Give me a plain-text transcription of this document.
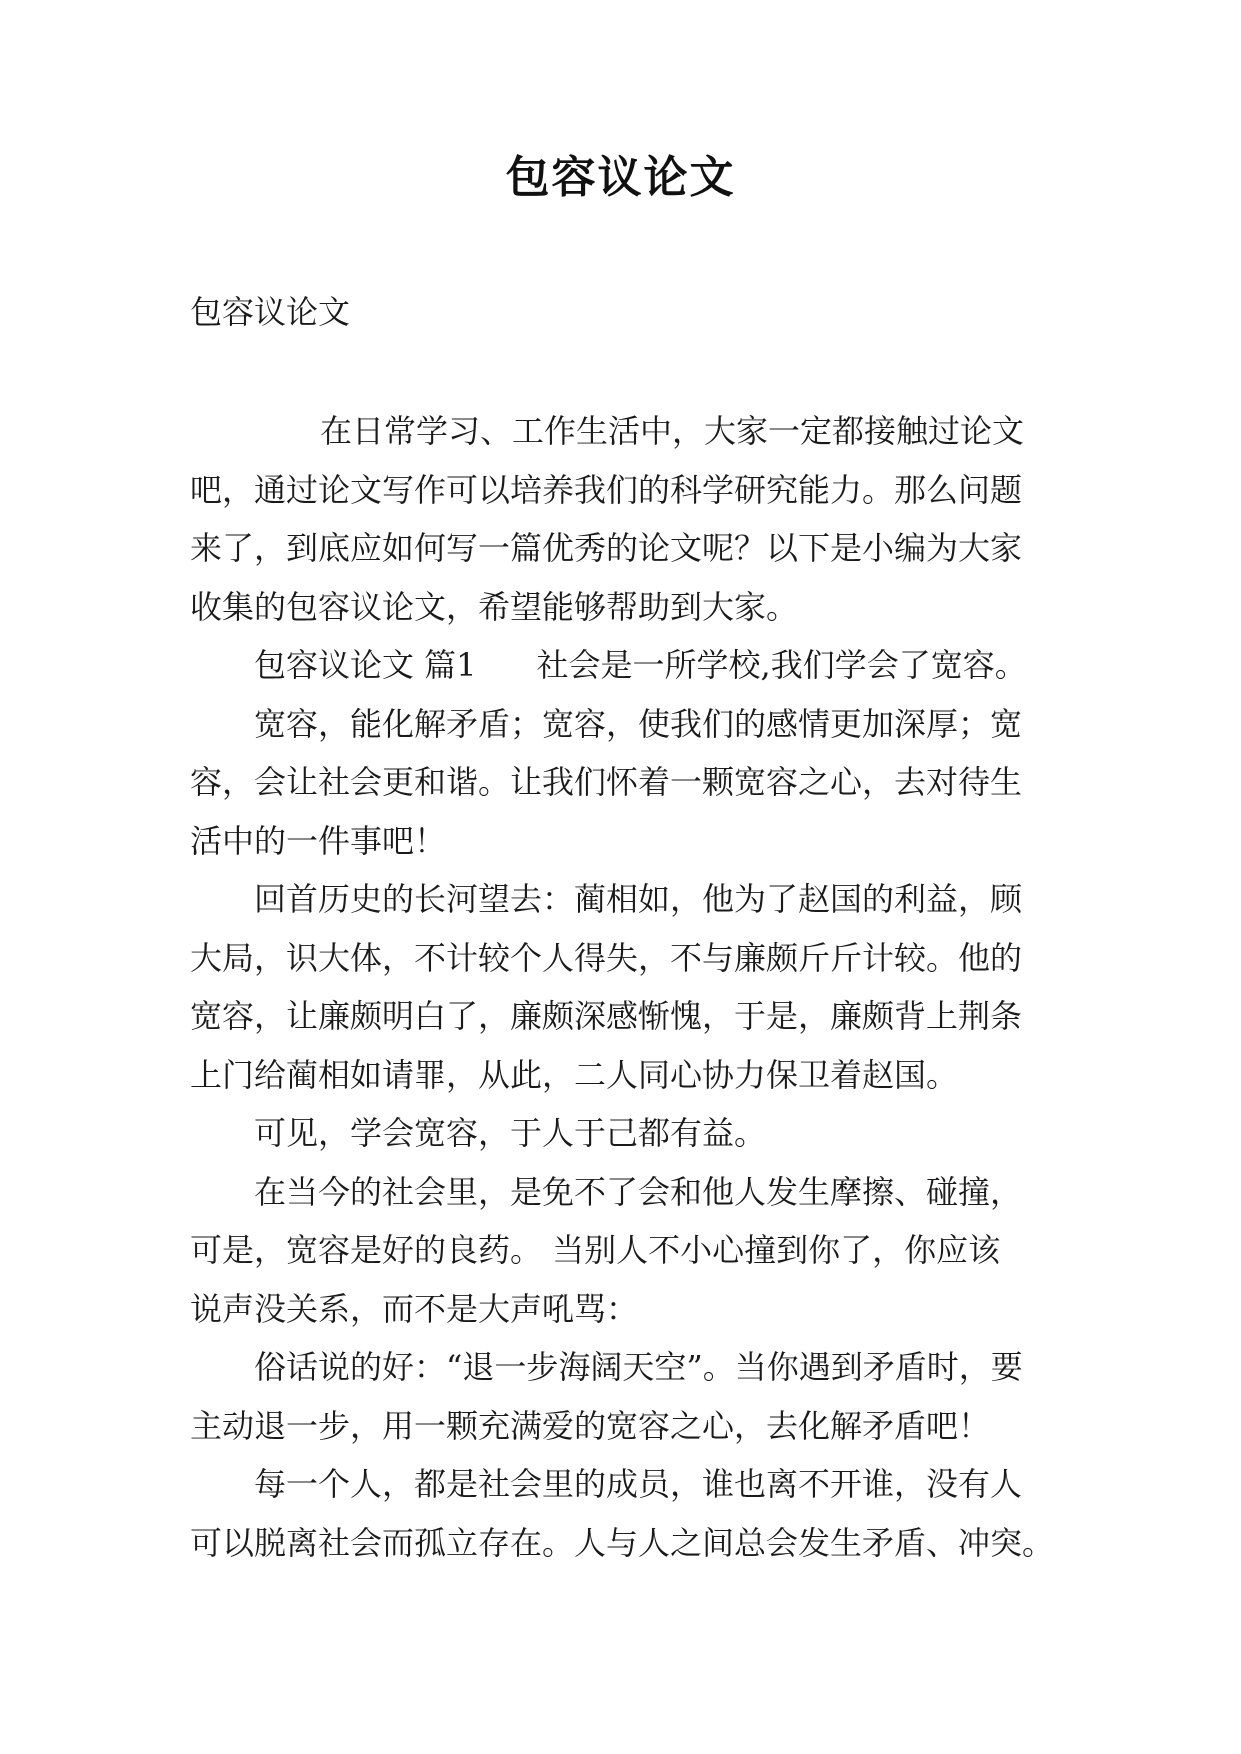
包容议论文

包容议论文

在日常学习、工作生活中，大家一定都接触过论文

吧，通过论文写作可以培养我们的科学研究能力。那么问题

来了，到底应如何写一篇优秀的论文呢？以下是小编为大家

收集的包容议论文，希望能够帮助到大家。

包容议论文 篇1 社会是一所学校,我们学会了宽容。

宽容，能化解矛盾；宽容，使我们的感情更加深厚；宽

容，会让社会更和谐。让我们怀着一颗宽容之心，去对待生

活中的一件事吧！

回首历史的长河望去：蔺相如，他为了赵国的利益，顾

大局，识大体，不计较个人得失，不与廉颇斤斤计较。他的

宽容，让廉颇明白了，廉颇深感惭愧，于是，廉颇背上荆条

上门给蔺相如请罪，从此，二人同心协力保卫着赵国。

可见，学会宽容，于人于己都有益。

在当今的社会里，是免不了会和他人发生摩擦、碰撞，

可是，宽容是好的良药。 当别人不小心撞到你了，你应该

说声没关系，而不是大声吼骂：

俗话说的好：“退一步海阔天空”。当你遇到矛盾时，要

主动退一步，用一颗充满爱的宽容之心，去化解矛盾吧！

每一个人，都是社会里的成员，谁也离不开谁，没有人

可以脱离社会而孤立存在。人与人之间总会发生矛盾、冲突。
